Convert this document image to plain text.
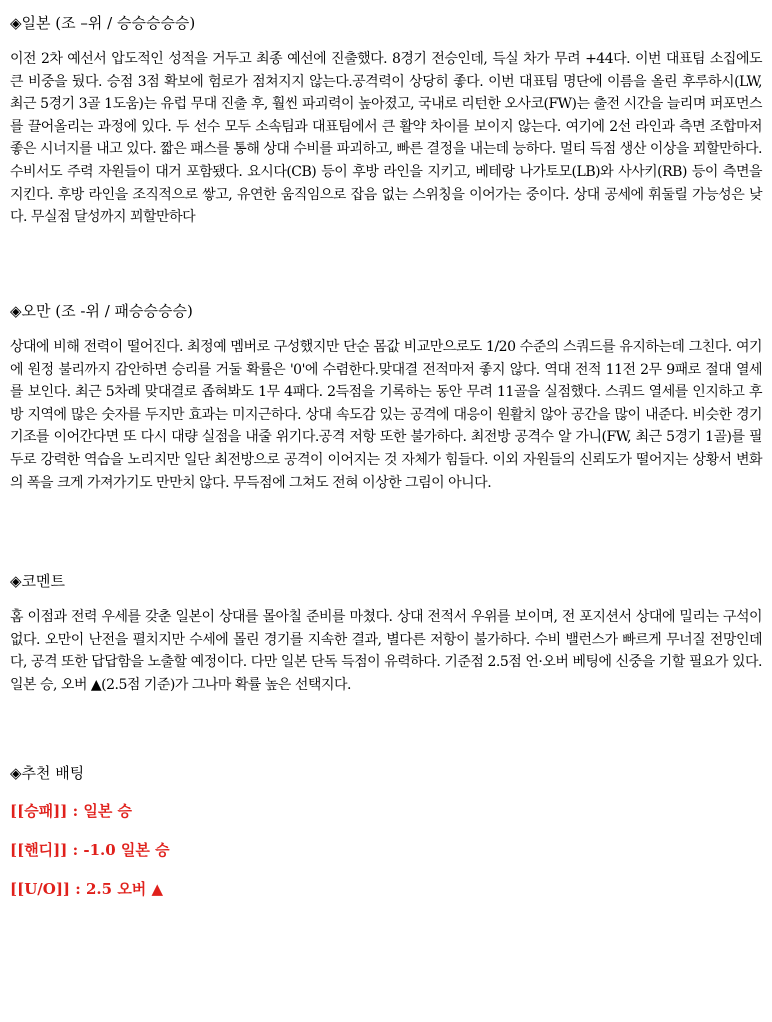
◈일본 (조 –위 / 승승승승승)
이전 2차 예선서 압도적인 성적을 거두고 최종 예선에 진출했다. 8경기 전승인데, 득실 차가 무려 +44다. 이번 대표팀 소집에도 큰 비중을 뒀다. 승점 3점 확보에 험로가 점쳐지지 않는다.공격력이 상당히 좋다. 이번 대표팀 명단에 이름을 올린 후루하시(LW, 최근 5경기 3골 1도움)는 유럽 무대 진출 후, 훨씬 파괴력이 높아졌고, 국내로 리턴한 오사코(FW)는 출전 시간을 늘리며 퍼포먼스를 끌어올리는 과정에 있다. 두 선수 모두 소속팀과 대표팀에서 큰 활약 차이를 보이지 않는다. 여기에 2선 라인과 측면 조합마저 좋은 시너지를 내고 있다. 짧은 패스를 통해 상대 수비를 파괴하고, 빠른 결정을 내는데 능하다. 멀티 득점 생산 이상을 꾀할만하다.수비서도 주력 자원들이 대거 포함됐다. 요시다(CB) 등이 후방 라인을 지키고, 베테랑 나가토모(LB)와 사사키(RB) 등이 측면을 지킨다. 후방 라인을 조직적으로 쌓고, 유연한 움직임으로 잡음 없는 스위칭을 이어가는 중이다. 상대 공세에 휘둘릴 가능성은 낮다. 무실점 달성까지 꾀할만하다
◈오만 (조 -위 / 패승승승승)
상대에 비해 전력이 떨어진다. 최정예 멤버로 구성했지만 단순 몸값 비교만으로도 1/20 수준의 스쿼드를 유지하는데 그친다. 여기에 원정 불리까지 감안하면 승리를 거둘 확률은 '0'에 수렴한다.맞대결 전적마저 좋지 않다. 역대 전적 11전 2무 9패로 절대 열세를 보인다. 최근 5차례 맞대결로 좁혀봐도 1무 4패다. 2득점을 기록하는 동안 무려 11골을 실점했다. 스쿼드 열세를 인지하고 후방 지역에 많은 숫자를 두지만 효과는 미지근하다. 상대 속도감 있는 공격에 대응이 원활치 않아 공간을 많이 내준다. 비슷한 경기 기조를 이어간다면 또 다시 대량 실점을 내줄 위기다.공격 저항 또한 불가하다. 최전방 공격수 알 가니(FW, 최근 5경기 1골)를 필두로 강력한 역습을 노리지만 일단 최전방으로 공격이 이어지는 것 자체가 힘들다. 이외 자원들의 신뢰도가 떨어지는 상황서 변화의 폭을 크게 가져가기도 만만치 않다. 무득점에 그쳐도 전혀 이상한 그림이 아니다.
◈코멘트
홈 이점과 전력 우세를 갖춘 일본이 상대를 몰아칠 준비를 마쳤다. 상대 전적서 우위를 보이며, 전 포지션서 상대에 밀리는 구석이 없다. 오만이 난전을 펼치지만 수세에 몰린 경기를 지속한 결과, 별다른 저항이 불가하다. 수비 밸런스가 빠르게 무너질 전망인데다, 공격 또한 답답함을 노출할 예정이다. 다만 일본 단독 득점이 유력하다. 기준점 2.5점 언·오버 베팅에 신중을 기할 필요가 있다. 일본 승, 오버 ▲(2.5점 기준)가 그나마 확률 높은 선택지다.
◈추천 배팅
[[승패]] : 일본 승
[[핸디]] : -1.0 일본 승
[[U/O]] : 2.5 오버 ▲
